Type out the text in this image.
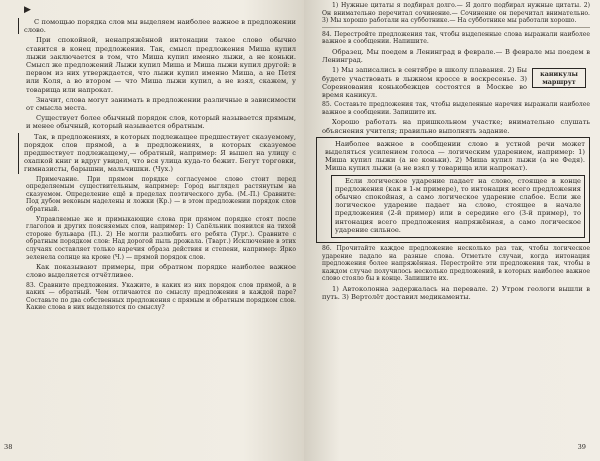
▶

С помощью порядка слов мы выделяем наиболее важное в предложении слово.

При спокойной, ненапряжённой интонации такое слово обычно ставится в конец предложения. Так, смысл предложения Миша купил лыжи заключается в том, что Миша купил именно лыжи, а не коньки. Смысл же предложений Лыжи купил Миша и Миша лыжи купил другой: в первом из них утверждается, что лыжи купил именно Миша, а не Петя или Коля, а во втором — что Миша лыжи купил, а не взял, скажем, у товарища или напрокат.

Значит, слова могут занимать в предложении различные в зависимости от смысла места.

Существует более обычный порядок слов, который называется прямым, и менее обычный, который называется обратным.

Так, в предложениях, в которых подлежащее предшествует сказуемому, порядок слов прямой, а в предложениях, в которых сказуемое предшествует подлежащему,— обратный, например: Я вышел на улицу с охапкой книг и вдруг увидел, что вся улица куда-то бежит. Бегут торговки, гимназисты, барышни, мальчишки. (Чух.)

Примечание. При прямом порядке согласуемое слово стоит перед определяемым существительным, например: Город выглядел растянутым на сказуемом. Определение ещё в пределах поэтического дуба. (М.-П.) Сравните: Под дубом вековым наделены и ложки (Кр.) — в этом предложении порядок слов обратный.

Управляемые же и примыкающие слова при прямом порядке стоят после глаголов и других поясняемых слов, например: 1) Сапёльник появился на тихой стороне бульвара (П.). 2) Не могли разлюбить его ребята (Тург.). Сравните с обратным порядком слов: Над дорогой пыль дрожала. (Тварт.) Исключение в этих случаях составляет только наречия образа действия и степени, например: Ярко зеленела солнце на кроне (Ч.) — прямой порядок слов.

Как показывают примеры, при обратном порядке наиболее важное слово выделяется отчётливее.

83. Сравните предложения. Укажите, в каких из них порядок слов прямой, а в каких — обратный. Чем отличаются по смыслу предложения в каждой паре? Составьте по два собственных предложения с прямым и обратным порядком слов. Какие слова в них выделяются по смыслу?

38

1) Нужные цитаты я подбирал долго.— Я долго подбирал нужные цитаты. 2) Он внимательно перечитал сочинение.— Сочинение он перечитал внимательно. 3) Мы хорошо работали на субботнике.— На субботнике мы работали хорошо.

84. Перестройте предложения так, чтобы выделенные слова выражали наиболее важное в сообщении. Напишите.

Образец. Мы поедем в Ленинград в феврале.— В феврале мы поедем в Ленинград.

1) Мы записались в сентябре в школу плавания. 2) Бы будете участвовать в лыжном кроссе в воскресенье. 3) Соревнования конькобежцев состоятся в Москве во время каникул.

каникулы маршрут

85. Составьте предложения так, чтобы выделенные наречия выражали наиболее важное в сообщении. Запишите их.

Хорошо работать на пришкольном участке; внимательно слушать объяснения учителя; правильно выполнять задание.

Наиболее важное в сообщении слово в устной речи может выделяться усилением голоса — логическим ударением, например: 1) Миша купил лыжи (а не коньки). 2) Миша купил лыжи (а не Федя). Миша купил лыжи (а не взял у товарища или напрокат).

Если логическое ударение падает на слово, стоящее в конце предложения (как в 1-м примере), то интонация всего предложения обычно спокойная, а само логическое ударение слабое. Если же логическое ударение падает на слово, стоящее в начале предложения (2-й пример) или в середине его (3-й пример), то интонация всего предложения напряжённая, а само логическое ударение сильное.

86. Прочитайте каждое предложение несколько раз так, чтобы логическое ударение падало на разные слова. Отметьте случаи, когда интонация предложения более напряжённая. Перестройте эти предложения так, чтобы в каждом случае получилось несколько предложений, в которых наиболее важное слово стояло бы в конце. Запишите их.

1) Автоколонна задержалась на перевале. 2) Утром геологи вышли в путь. 3) Вертолёт доставил медикаменты.

39
